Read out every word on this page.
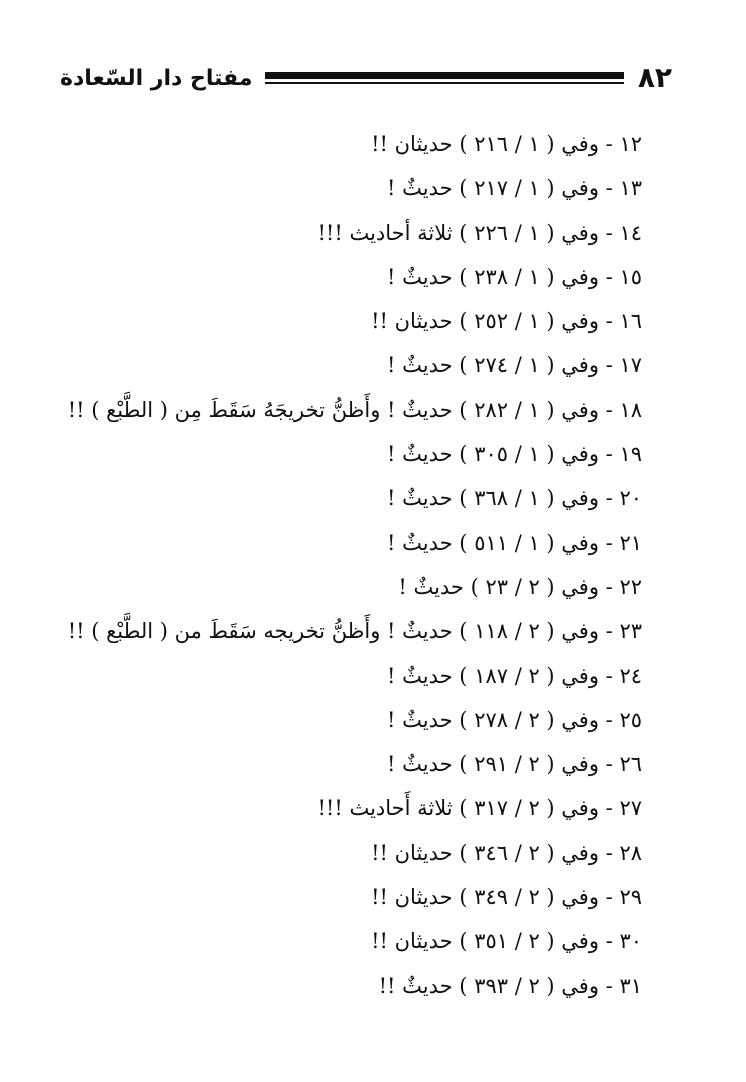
٨٢
مفتاح دار السّعادة
١٢ - وفي ( ١ / ٢١٦ ) حديثان !!
١٣ - وفي ( ١ / ٢١٧ ) حديثٌ !
١٤ - وفي ( ١ / ٢٢٦ ) ثلاثة أحاديث !!!
١٥ - وفي ( ١ / ٢٣٨ ) حديثٌ !
١٦ - وفي ( ١ / ٢٥٢ ) حديثان !!
١٧ - وفي ( ١ / ٢٧٤ ) حديثٌ !
١٨ - وفي ( ١ / ٢٨٢ ) حديثٌ ! وأَظنُّ تخريجَهُ سَقَطَ مِن ( الطَّبْع ) !!
١٩ - وفي ( ١ / ٣٠٥ ) حديثٌ !
٢٠ - وفي ( ١ / ٣٦٨ ) حديثٌ !
٢١ - وفي ( ١ / ٥١١ ) حديثٌ !
٢٢ - وفي ( ٢ / ٢٣ ) حديثٌ !
٢٣ - وفي ( ٢ / ١١٨ ) حديثٌ ! وأَظنُّ تخريجه سَقَطَ من ( الطَّبْع ) !!
٢٤ - وفي ( ٢ / ١٨٧ ) حديثٌ !
٢٥ - وفي ( ٢ / ٢٧٨ ) حديثٌ !
٢٦ - وفي ( ٢ / ٢٩١ ) حديثٌ !
٢٧ - وفي ( ٢ / ٣١٧ ) ثلاثة أَحاديث !!!
٢٨ - وفي ( ٢ / ٣٤٦ ) حديثان !!
٢٩ - وفي ( ٢ / ٣٤٩ ) حديثان !!
٣٠ - وفي ( ٢ / ٣٥١ ) حديثان !!
٣١ - وفي ( ٢ / ٣٩٣ ) حديثٌ !!
